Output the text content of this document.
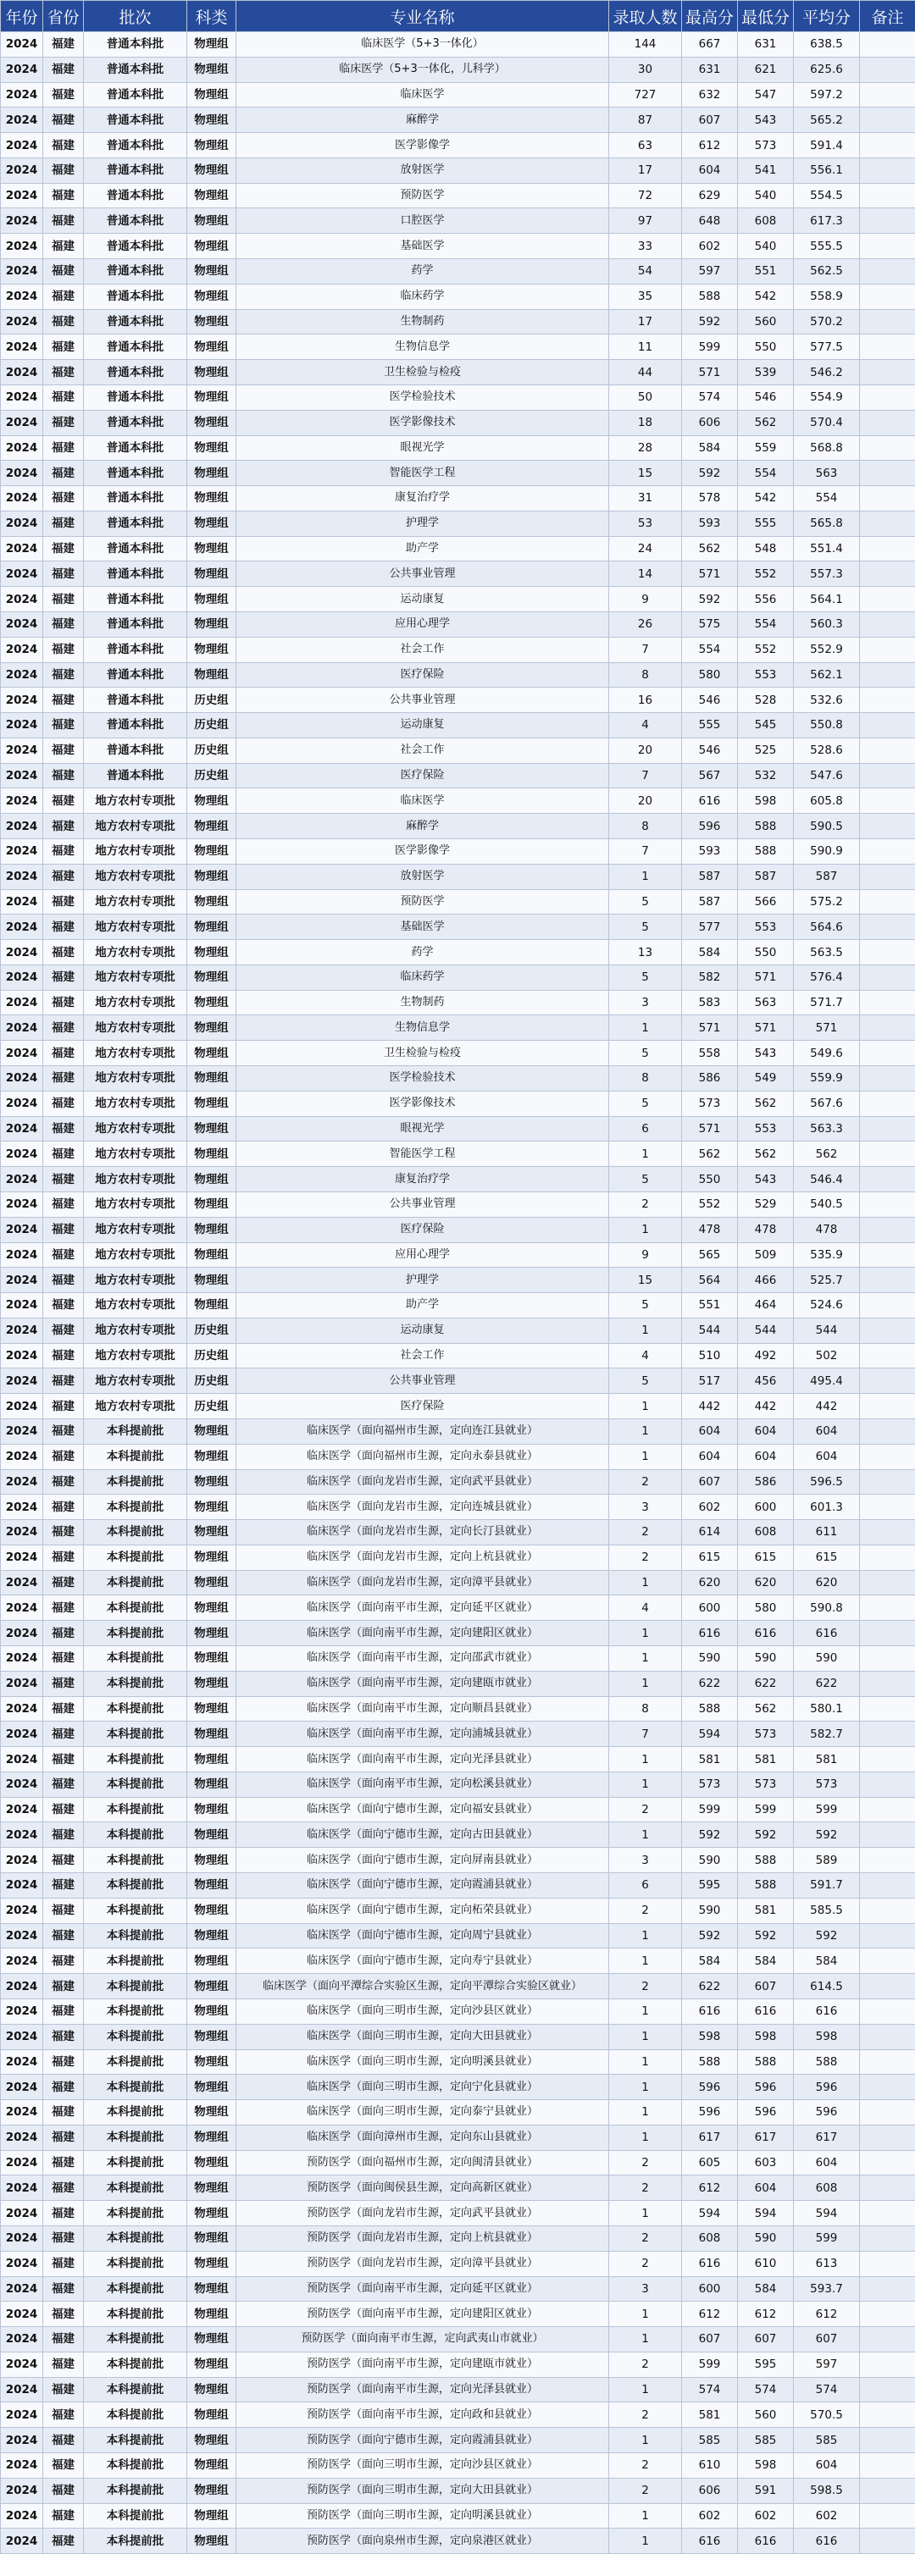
年份	省份	批次	科类	专业名称	录取人数	最高分	最低分	平均分	备注
2024	福建	普通本科批	物理组	临床医学（5+3一体化）	144	667	631	638.5	
2024	福建	普通本科批	物理组	临床医学（5+3一体化，儿科学）	30	631	621	625.6	
2024	福建	普通本科批	物理组	临床医学	727	632	547	597.2	
2024	福建	普通本科批	物理组	麻醉学	87	607	543	565.2	
2024	福建	普通本科批	物理组	医学影像学	63	612	573	591.4	
2024	福建	普通本科批	物理组	放射医学	17	604	541	556.1	
2024	福建	普通本科批	物理组	预防医学	72	629	540	554.5	
2024	福建	普通本科批	物理组	口腔医学	97	648	608	617.3	
2024	福建	普通本科批	物理组	基础医学	33	602	540	555.5	
2024	福建	普通本科批	物理组	药学	54	597	551	562.5	
2024	福建	普通本科批	物理组	临床药学	35	588	542	558.9	
2024	福建	普通本科批	物理组	生物制药	17	592	560	570.2	
2024	福建	普通本科批	物理组	生物信息学	11	599	550	577.5	
2024	福建	普通本科批	物理组	卫生检验与检疫	44	571	539	546.2	
2024	福建	普通本科批	物理组	医学检验技术	50	574	546	554.9	
2024	福建	普通本科批	物理组	医学影像技术	18	606	562	570.4	
2024	福建	普通本科批	物理组	眼视光学	28	584	559	568.8	
2024	福建	普通本科批	物理组	智能医学工程	15	592	554	563	
2024	福建	普通本科批	物理组	康复治疗学	31	578	542	554	
2024	福建	普通本科批	物理组	护理学	53	593	555	565.8	
2024	福建	普通本科批	物理组	助产学	24	562	548	551.4	
2024	福建	普通本科批	物理组	公共事业管理	14	571	552	557.3	
2024	福建	普通本科批	物理组	运动康复	9	592	556	564.1	
2024	福建	普通本科批	物理组	应用心理学	26	575	554	560.3	
2024	福建	普通本科批	物理组	社会工作	7	554	552	552.9	
2024	福建	普通本科批	物理组	医疗保险	8	580	553	562.1	
2024	福建	普通本科批	历史组	公共事业管理	16	546	528	532.6	
2024	福建	普通本科批	历史组	运动康复	4	555	545	550.8	
2024	福建	普通本科批	历史组	社会工作	20	546	525	528.6	
2024	福建	普通本科批	历史组	医疗保险	7	567	532	547.6	
2024	福建	地方农村专项批	物理组	临床医学	20	616	598	605.8	
2024	福建	地方农村专项批	物理组	麻醉学	8	596	588	590.5	
2024	福建	地方农村专项批	物理组	医学影像学	7	593	588	590.9	
2024	福建	地方农村专项批	物理组	放射医学	1	587	587	587	
2024	福建	地方农村专项批	物理组	预防医学	5	587	566	575.2	
2024	福建	地方农村专项批	物理组	基础医学	5	577	553	564.6	
2024	福建	地方农村专项批	物理组	药学	13	584	550	563.5	
2024	福建	地方农村专项批	物理组	临床药学	5	582	571	576.4	
2024	福建	地方农村专项批	物理组	生物制药	3	583	563	571.7	
2024	福建	地方农村专项批	物理组	生物信息学	1	571	571	571	
2024	福建	地方农村专项批	物理组	卫生检验与检疫	5	558	543	549.6	
2024	福建	地方农村专项批	物理组	医学检验技术	8	586	549	559.9	
2024	福建	地方农村专项批	物理组	医学影像技术	5	573	562	567.6	
2024	福建	地方农村专项批	物理组	眼视光学	6	571	553	563.3	
2024	福建	地方农村专项批	物理组	智能医学工程	1	562	562	562	
2024	福建	地方农村专项批	物理组	康复治疗学	5	550	543	546.4	
2024	福建	地方农村专项批	物理组	公共事业管理	2	552	529	540.5	
2024	福建	地方农村专项批	物理组	医疗保险	1	478	478	478	
2024	福建	地方农村专项批	物理组	应用心理学	9	565	509	535.9	
2024	福建	地方农村专项批	物理组	护理学	15	564	466	525.7	
2024	福建	地方农村专项批	物理组	助产学	5	551	464	524.6	
2024	福建	地方农村专项批	历史组	运动康复	1	544	544	544	
2024	福建	地方农村专项批	历史组	社会工作	4	510	492	502	
2024	福建	地方农村专项批	历史组	公共事业管理	5	517	456	495.4	
2024	福建	地方农村专项批	历史组	医疗保险	1	442	442	442	
2024	福建	本科提前批	物理组	临床医学（面向福州市生源，定向连江县就业）	1	604	604	604	
2024	福建	本科提前批	物理组	临床医学（面向福州市生源，定向永泰县就业）	1	604	604	604	
2024	福建	本科提前批	物理组	临床医学（面向龙岩市生源，定向武平县就业）	2	607	586	596.5	
2024	福建	本科提前批	物理组	临床医学（面向龙岩市生源，定向连城县就业）	3	602	600	601.3	
2024	福建	本科提前批	物理组	临床医学（面向龙岩市生源，定向长汀县就业）	2	614	608	611	
2024	福建	本科提前批	物理组	临床医学（面向龙岩市生源，定向上杭县就业）	2	615	615	615	
2024	福建	本科提前批	物理组	临床医学（面向龙岩市生源，定向漳平县就业）	1	620	620	620	
2024	福建	本科提前批	物理组	临床医学（面向南平市生源，定向延平区就业）	4	600	580	590.8	
2024	福建	本科提前批	物理组	临床医学（面向南平市生源，定向建阳区就业）	1	616	616	616	
2024	福建	本科提前批	物理组	临床医学（面向南平市生源，定向邵武市就业）	1	590	590	590	
2024	福建	本科提前批	物理组	临床医学（面向南平市生源，定向建瓯市就业）	1	622	622	622	
2024	福建	本科提前批	物理组	临床医学（面向南平市生源，定向顺昌县就业）	8	588	562	580.1	
2024	福建	本科提前批	物理组	临床医学（面向南平市生源，定向浦城县就业）	7	594	573	582.7	
2024	福建	本科提前批	物理组	临床医学（面向南平市生源，定向光泽县就业）	1	581	581	581	
2024	福建	本科提前批	物理组	临床医学（面向南平市生源，定向松溪县就业）	1	573	573	573	
2024	福建	本科提前批	物理组	临床医学（面向宁德市生源，定向福安县就业）	2	599	599	599	
2024	福建	本科提前批	物理组	临床医学（面向宁德市生源，定向古田县就业）	1	592	592	592	
2024	福建	本科提前批	物理组	临床医学（面向宁德市生源，定向屏南县就业）	3	590	588	589	
2024	福建	本科提前批	物理组	临床医学（面向宁德市生源，定向霞浦县就业）	6	595	588	591.7	
2024	福建	本科提前批	物理组	临床医学（面向宁德市生源，定向柘荣县就业）	2	590	581	585.5	
2024	福建	本科提前批	物理组	临床医学（面向宁德市生源，定向周宁县就业）	1	592	592	592	
2024	福建	本科提前批	物理组	临床医学（面向宁德市生源，定向寿宁县就业）	1	584	584	584	
2024	福建	本科提前批	物理组	临床医学（面向平潭综合实验区生源，定向平潭综合实验区就业）	2	622	607	614.5	
2024	福建	本科提前批	物理组	临床医学（面向三明市生源，定向沙县区就业）	1	616	616	616	
2024	福建	本科提前批	物理组	临床医学（面向三明市生源，定向大田县就业）	1	598	598	598	
2024	福建	本科提前批	物理组	临床医学（面向三明市生源，定向明溪县就业）	1	588	588	588	
2024	福建	本科提前批	物理组	临床医学（面向三明市生源，定向宁化县就业）	1	596	596	596	
2024	福建	本科提前批	物理组	临床医学（面向三明市生源，定向泰宁县就业）	1	596	596	596	
2024	福建	本科提前批	物理组	临床医学（面向漳州市生源，定向东山县就业）	1	617	617	617	
2024	福建	本科提前批	物理组	预防医学（面向福州市生源，定向闽清县就业）	2	605	603	604	
2024	福建	本科提前批	物理组	预防医学（面向闽侯县生源，定向高新区就业）	2	612	604	608	
2024	福建	本科提前批	物理组	预防医学（面向龙岩市生源，定向武平县就业）	1	594	594	594	
2024	福建	本科提前批	物理组	预防医学（面向龙岩市生源，定向上杭县就业）	2	608	590	599	
2024	福建	本科提前批	物理组	预防医学（面向龙岩市生源，定向漳平县就业）	2	616	610	613	
2024	福建	本科提前批	物理组	预防医学（面向南平市生源，定向延平区就业）	3	600	584	593.7	
2024	福建	本科提前批	物理组	预防医学（面向南平市生源，定向建阳区就业）	1	612	612	612	
2024	福建	本科提前批	物理组	预防医学（面向南平市生源，定向武夷山市就业）	1	607	607	607	
2024	福建	本科提前批	物理组	预防医学（面向南平市生源，定向建瓯市就业）	2	599	595	597	
2024	福建	本科提前批	物理组	预防医学（面向南平市生源，定向光泽县就业）	1	574	574	574	
2024	福建	本科提前批	物理组	预防医学（面向南平市生源，定向政和县就业）	2	581	560	570.5	
2024	福建	本科提前批	物理组	预防医学（面向宁德市生源，定向霞浦县就业）	1	585	585	585	
2024	福建	本科提前批	物理组	预防医学（面向三明市生源，定向沙县区就业）	2	610	598	604	
2024	福建	本科提前批	物理组	预防医学（面向三明市生源，定向大田县就业）	2	606	591	598.5	
2024	福建	本科提前批	物理组	预防医学（面向三明市生源，定向明溪县就业）	1	602	602	602	
2024	福建	本科提前批	物理组	预防医学（面向泉州市生源，定向泉港区就业）	1	616	616	616	
